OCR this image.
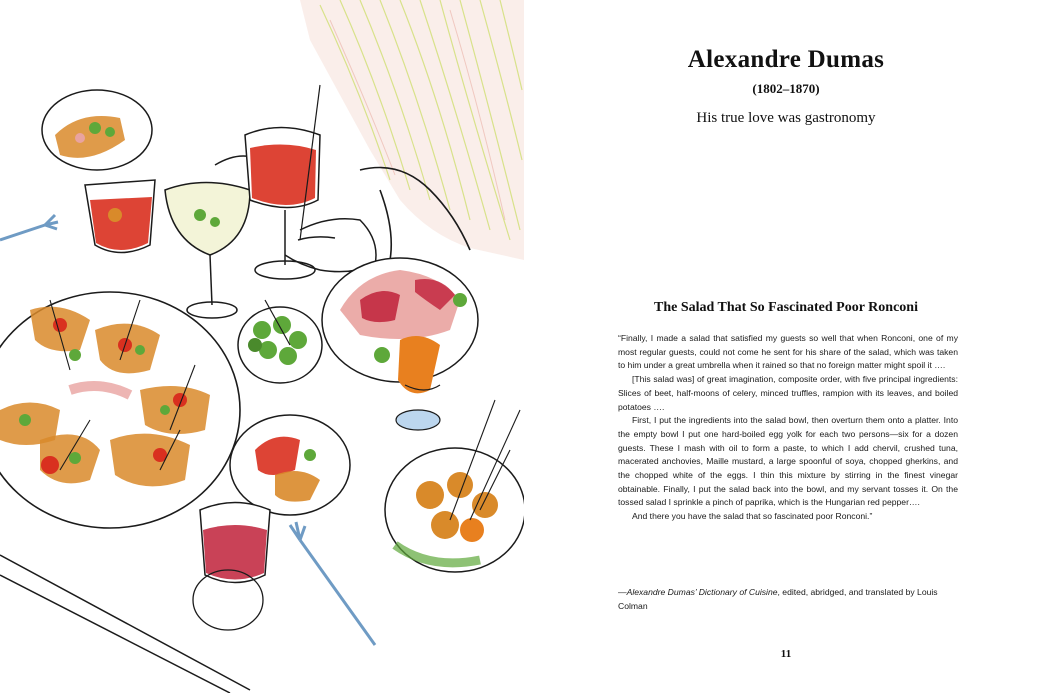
Alexandre Dumas
(1802–1870)
His true love was gastronomy
The Salad That So Fascinated Poor Ronconi

“Finally, I made a salad that satisfied my guests so well that when Ronconi, one of my most regular guests, could not come he sent for his share of the salad, which was taken to him under a great umbrella when it rained so that no foreign matter might spoil it ….

[This salad was] of great imagination, composite order, with five principal ingredients: Slices of beet, half-moons of celery, minced truffles, rampion with its leaves, and boiled potatoes ….

First, I put the ingredients into the salad bowl, then overturn them onto a platter. Into the empty bowl I put one hard-boiled egg yolk for each two persons—six for a dozen guests. These I mash with oil to form a paste, to which I add chervil, crushed tuna, macerated anchovies, Maille mustard, a large spoonful of soya, chopped gherkins, and the chopped white of the eggs. I thin this mixture by stirring in the finest vinegar obtainable. Finally, I put the salad back into the bowl, and my servant tosses it. On the tossed salad I sprinkle a pinch of paprika, which is the Hungarian red pepper….

And there you have the salad that so fascinated poor Ronconi.”

—Alexandre Dumas’ Dictionary of Cuisine, edited, abridged, and translated by Louis Colman
11
